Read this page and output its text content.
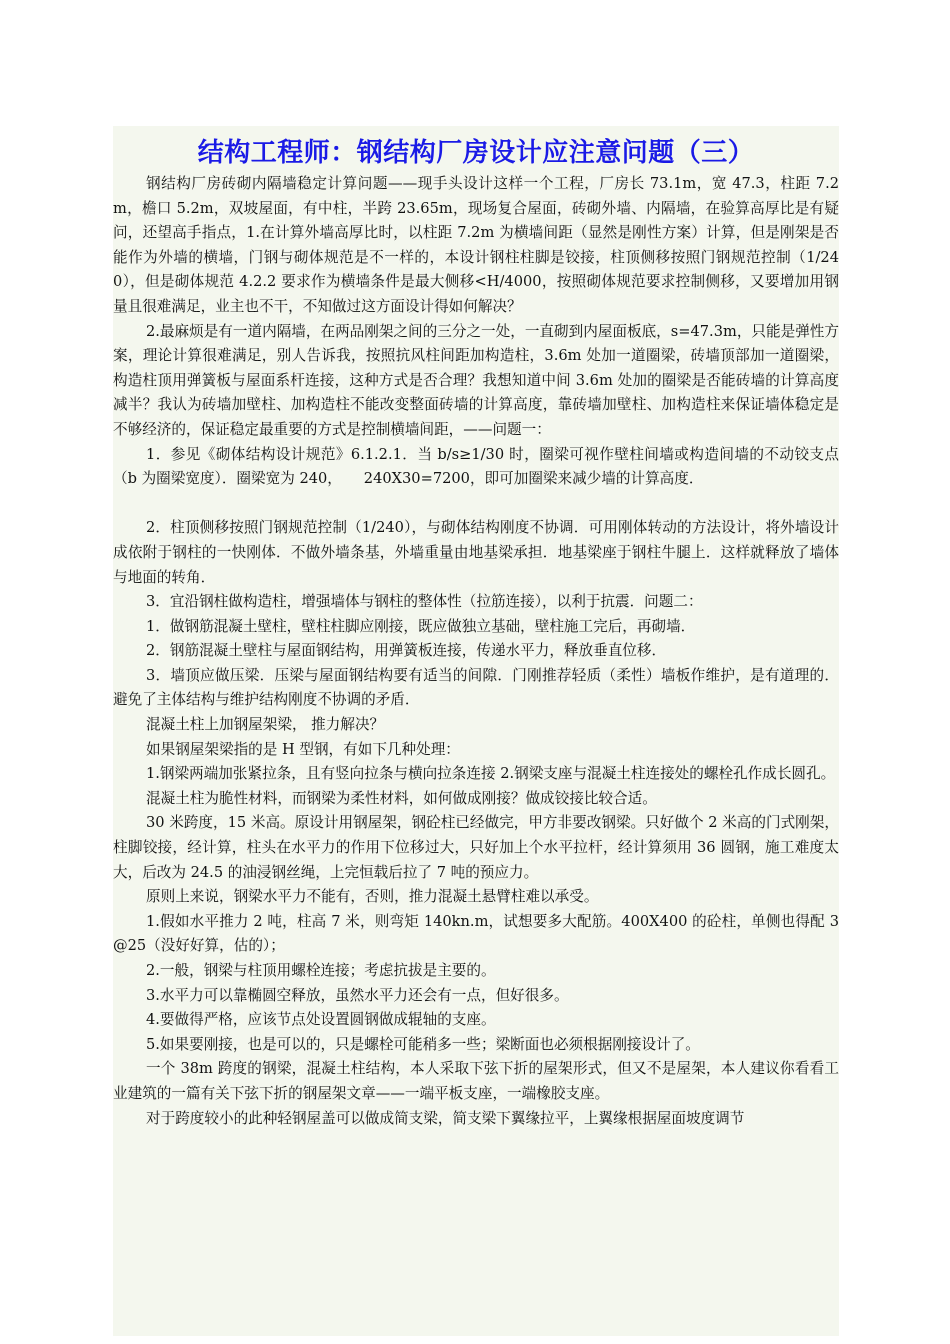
结构工程师：钢结构厂房设计应注意问题（三）

钢结构厂房砖砌内隔墙稳定计算问题——现手头设计这样一个工程，厂房长 73.1m，宽 47.3，柱距 7.2m，檐口 5.2m，双坡屋面，有中柱，半跨 23.65m，现场复合屋面，砖砌外墙、内隔墙，在验算高厚比是有疑问，还望高手指点，1.在计算外墙高厚比时，以柱距 7.2m 为横墙间距（显然是刚性方案）计算，但是刚架是否能作为外墙的横墙，门钢与砌体规范是不一样的，本设计钢柱柱脚是铰接，柱顶侧移按照门钢规范控制（1/240），但是砌体规范 4.2.2 要求作为横墙条件是最大侧移<H/4000，按照砌体规范要求控制侧移，又要增加用钢量且很难满足，业主也不干，不知做过这方面设计得如何解决？

2.最麻烦是有一道内隔墙，在两品刚架之间的三分之一处，一直砌到内屋面板底，s=47.3m，只能是弹性方案，理论计算很难满足，别人告诉我，按照抗风柱间距加构造柱，3.6m 处加一道圈梁，砖墙顶部加一道圈梁，构造柱顶用弹簧板与屋面系杆连接，这种方式是否合理？我想知道中间 3.6m 处加的圈梁是否能砖墙的计算高度减半？我认为砖墙加壁柱、加构造柱不能改变整面砖墙的计算高度，靠砖墙加壁柱、加构造柱来保证墙体稳定是不够经济的，保证稳定最重要的方式是控制横墙间距，——问题一：

1．参见《砌体结构设计规范》6.1.2.1．当 b/s≥1/30 时，圈梁可视作壁柱间墙或构造间墙的不动铰支点（b 为圈梁宽度）．圈梁宽为 240，　　240X30=7200，即可加圈梁来减少墙的计算高度．

2．柱顶侧移按照门钢规范控制（1/240），与砌体结构刚度不协调．可用刚体转动的方法设计，将外墙设计成依附于钢柱的一快刚体．不做外墙条基，外墙重量由地基梁承担．地基梁座于钢柱牛腿上．这样就释放了墙体与地面的转角．

3．宜沿钢柱做构造柱，增强墙体与钢柱的整体性（拉筋连接），以利于抗震．问题二：

1．做钢筋混凝土壁柱，壁柱柱脚应刚接，既应做独立基础，壁柱施工完后，再砌墙．

2．钢筋混凝土壁柱与屋面钢结构，用弹簧板连接，传递水平力，释放垂直位移．

3．墙顶应做压梁．压梁与屋面钢结构要有适当的间隙．门刚推荐轻质（柔性）墙板作维护，是有道理的．避免了主体结构与维护结构刚度不协调的矛盾．

混凝土柱上加钢屋架梁， 推力解决？

如果钢屋架梁指的是 H 型钢，有如下几种处理：

1.钢梁两端加张紧拉条，且有竖向拉条与横向拉条连接 2.钢梁支座与混凝土柱连接处的螺栓孔作成长圆孔。

混凝土柱为脆性材料，而钢梁为柔性材料，如何做成刚接？做成铰接比较合适。

30 米跨度，15 米高。原设计用钢屋架，钢砼柱已经做完，甲方非要改钢梁。只好做个 2 米高的门式刚架，柱脚铰接，经计算，柱头在水平力的作用下位移过大，只好加上个水平拉杆，经计算须用 36 圆钢，施工难度太大，后改为 24.5 的油浸钢丝绳，上完恒载后拉了 7 吨的预应力。

原则上来说，钢梁水平力不能有，否则，推力混凝土悬臂柱难以承受。

1.假如水平推力 2 吨，柱高 7 米，则弯矩 140kn.m，试想要多大配筋。400X400 的砼柱，单侧也得配 3@25（没好好算，估的）；

2.一般，钢梁与柱顶用螺栓连接；考虑抗拔是主要的。

3.水平力可以靠椭圆空释放，虽然水平力还会有一点，但好很多。

4.要做得严格，应该节点处设置圆钢做成辊轴的支座。

5.如果要刚接，也是可以的，只是螺栓可能稍多一些；梁断面也必须根据刚接设计了。

一个 38m 跨度的钢梁，混凝土柱结构，本人采取下弦下折的屋架形式，但又不是屋架，本人建议你看看工业建筑的一篇有关下弦下折的钢屋架文章——一端平板支座，一端橡胶支座。

对于跨度较小的此种轻钢屋盖可以做成简支梁，简支梁下翼缘拉平，上翼缘根据屋面坡度调节
